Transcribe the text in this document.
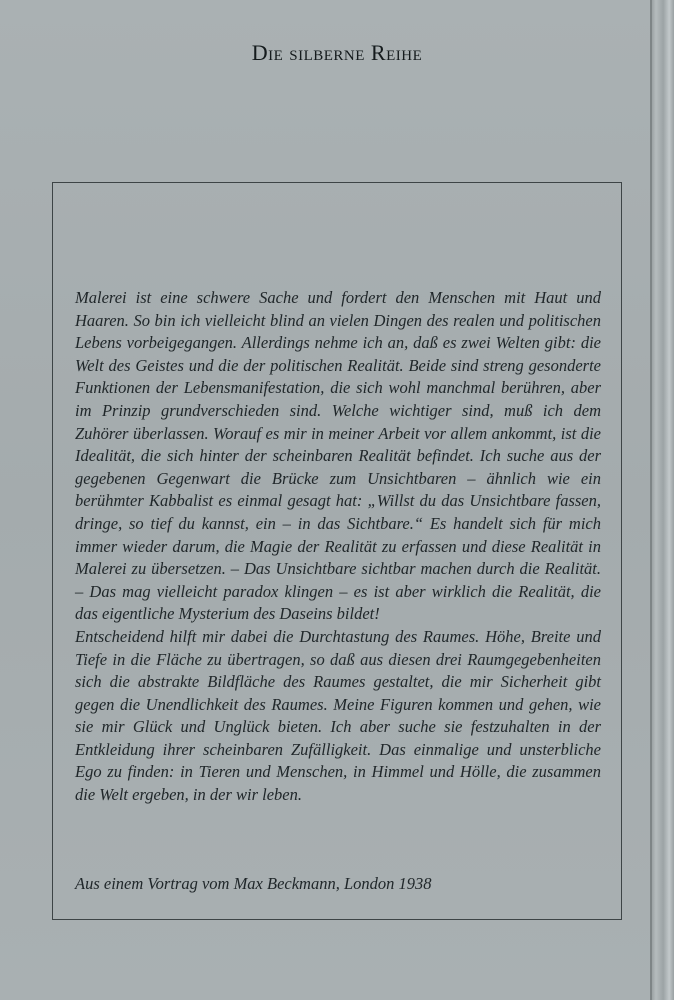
Die silberne Reihe

Malerei ist eine schwere Sache und fordert den Menschen mit Haut und Haaren. So bin ich vielleicht blind an vielen Dingen des realen und politischen Lebens vorbeigegangen. Allerdings nehme ich an, daß es zwei Welten gibt: die Welt des Geistes und die der politischen Realität. Beide sind streng gesonderte Funktionen der Lebensmanifestation, die sich wohl manchmal berühren, aber im Prinzip grundverschieden sind. Welche wichtiger sind, muß ich dem Zuhörer überlassen. Worauf es mir in meiner Arbeit vor allem ankommt, ist die Idealität, die sich hinter der scheinbaren Realität befindet. Ich suche aus der gegebenen Gegenwart die Brücke zum Unsichtbaren – ähnlich wie ein berühmter Kabbalist es einmal gesagt hat: „Willst du das Unsichtbare fassen, dringe, so tief du kannst, ein – in das Sichtbare.“ Es handelt sich für mich immer wieder darum, die Magie der Realität zu erfassen und diese Realität in Malerei zu übersetzen. – Das Unsichtbare sichtbar machen durch die Realität. – Das mag vielleicht paradox klingen – es ist aber wirklich die Realität, die das eigentliche Mysterium des Daseins bildet!

Entscheidend hilft mir dabei die Durchtastung des Raumes. Höhe, Breite und Tiefe in die Fläche zu übertragen, so daß aus diesen drei Raumgegebenheiten sich die abstrakte Bildfläche des Raumes gestaltet, die mir Sicherheit gibt gegen die Unendlichkeit des Raumes. Meine Figuren kommen und gehen, wie sie mir Glück und Unglück bieten. Ich aber suche sie festzuhalten in der Entkleidung ihrer scheinbaren Zufälligkeit. Das einmalige und unsterbliche Ego zu finden: in Tieren und Menschen, in Himmel und Hölle, die zusammen die Welt ergeben, in der wir leben.

Aus einem Vortrag vom Max Beckmann, London 1938
